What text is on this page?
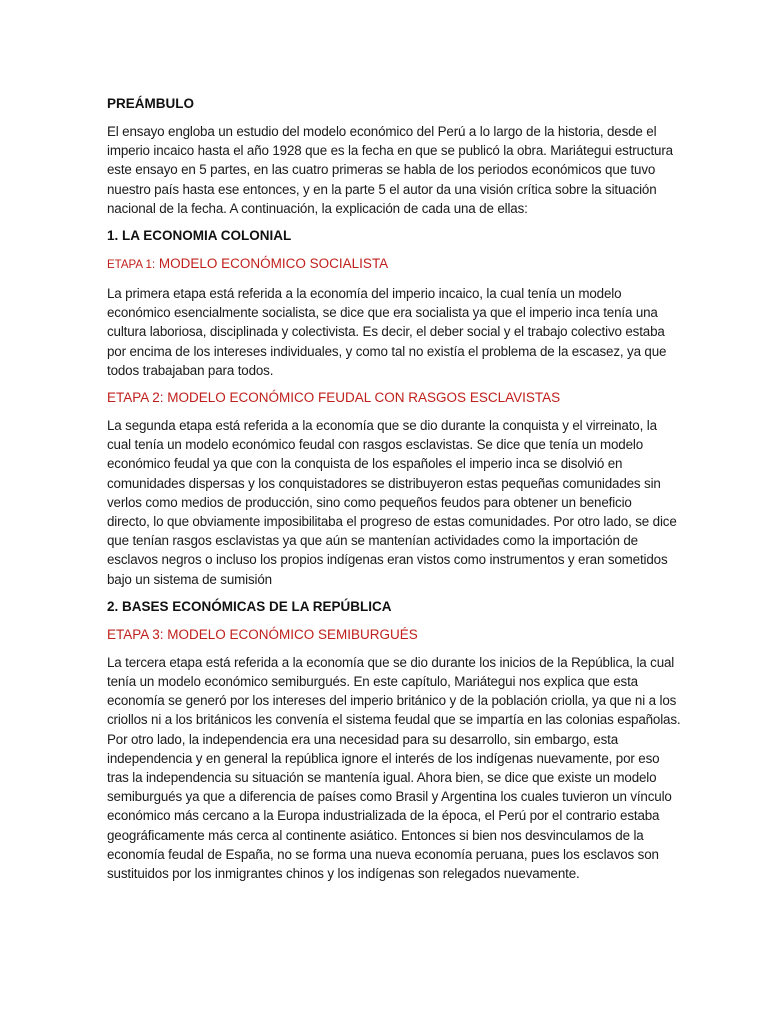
PREÁMBULO
El ensayo engloba un estudio del modelo económico del Perú a lo largo de la historia, desde el
imperio incaico hasta el año 1928 que es la fecha en que se publicó la obra. Mariátegui estructura
este ensayo en 5 partes, en las cuatro primeras se habla de los periodos económicos que tuvo
nuestro país hasta ese entonces, y en la parte 5 el autor da una visión crítica sobre la situación
nacional de la fecha. A continuación, la explicación de cada una de ellas:
1. LA ECONOMIA COLONIAL
ETAPA 1: MODELO ECONÓMICO SOCIALISTA
La primera etapa está referida a la economía del imperio incaico, la cual tenía un modelo
económico esencialmente socialista, se dice que era socialista ya que el imperio inca tenía una
cultura laboriosa, disciplinada y colectivista. Es decir, el deber social y el trabajo colectivo estaba
por encima de los intereses individuales, y como tal no existía el problema de la escasez, ya que
todos trabajaban para todos.
ETAPA 2: MODELO ECONÓMICO FEUDAL CON RASGOS ESCLAVISTAS
La segunda etapa está referida a la economía que se dio durante la conquista y el virreinato, la
cual tenía un modelo económico feudal con rasgos esclavistas. Se dice que tenía un modelo
económico feudal ya que con la conquista de los españoles el imperio inca se disolvió en
comunidades dispersas y los conquistadores se distribuyeron estas pequeñas comunidades sin
verlos como medios de producción, sino como pequeños feudos para obtener un beneficio
directo, lo que obviamente imposibilitaba el progreso de estas comunidades. Por otro lado, se dice
que tenían rasgos esclavistas ya que aún se mantenían actividades como la importación de
esclavos negros o incluso los propios indígenas eran vistos como instrumentos y eran sometidos
bajo un sistema de sumisión
2. BASES ECONÓMICAS DE LA REPÚBLICA
ETAPA 3: MODELO ECONÓMICO SEMIBURGUÉS
La tercera etapa está referida a la economía que se dio durante los inicios de la República, la cual
tenía un modelo económico semiburgués. En este capítulo, Mariátegui nos explica que esta
economía se generó por los intereses del imperio británico y de la población criolla, ya que ni a los
criollos ni a los británicos les convenía el sistema feudal que se impartía en las colonias españolas.
Por otro lado, la independencia era una necesidad para su desarrollo, sin embargo, esta
independencia y en general la república ignore el interés de los indígenas nuevamente, por eso
tras la independencia su situación se mantenía igual. Ahora bien, se dice que existe un modelo
semiburgués ya que a diferencia de países como Brasil y Argentina los cuales tuvieron un vínculo
económico más cercano a la Europa industrializada de la época, el Perú por el contrario estaba
geográficamente más cerca al continente asiático. Entonces si bien nos desvinculamos de la
economía feudal de España, no se forma una nueva economía peruana, pues los esclavos son
sustituidos por los inmigrantes chinos y los indígenas son relegados nuevamente.
